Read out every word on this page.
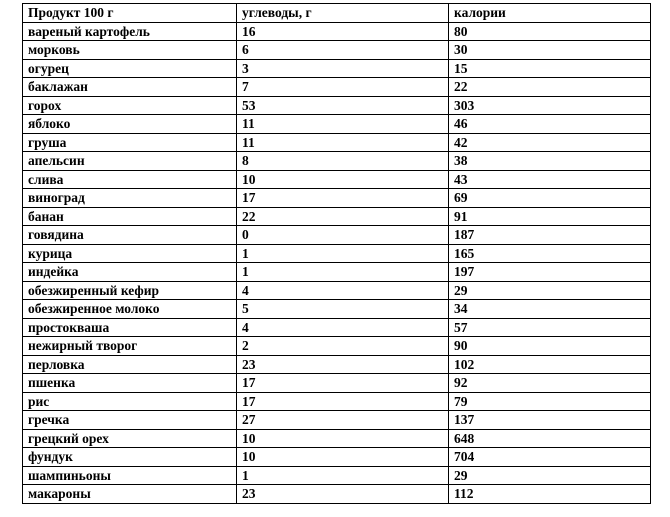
Продукт 100 г	углеводы, г	калории
вареный картофель	16	80
морковь	6	30
огурец	3	15
баклажан	7	22
горох	53	303
яблоко	11	46
груша	11	42
апельсин	8	38
слива	10	43
виноград	17	69
банан	22	91
говядина	0	187
курица	1	165
индейка	1	197
обезжиренный кефир	4	29
обезжиренное молоко	5	34
простокваша	4	57
нежирный творог	2	90
перловка	23	102
пшенка	17	92
рис	17	79
гречка	27	137
грецкий орех	10	648
фундук	10	704
шампиньоны	1	29
макароны	23	112
